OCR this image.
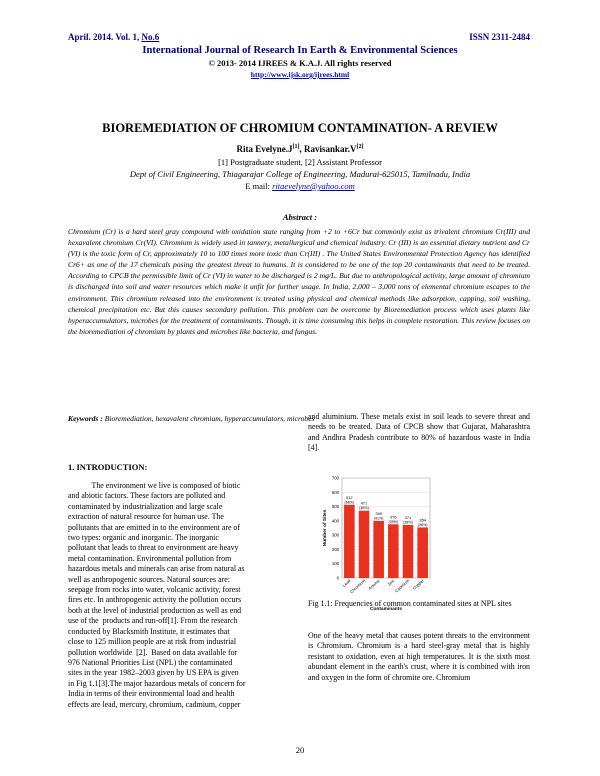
April. 2014. Vol. 1, No.6	ISSN 2311-2484
International Journal of Research In Earth & Environmental Sciences
© 2013- 2014 IJREES & K.A.J. All rights reserved
http://www.ijsk.org/ijrees.html
BIOREMEDIATION OF CHROMIUM CONTAMINATION- A REVIEW
Rita Evelyne.J[1], Ravisankar.V[2]
[1] Postgraduate student, [2] Assistant Professor
Dept of Civil Engineering, Thiagarajar College of Engineering, Madurai-625015, Tamilnadu, India
E mail: ritaevelyne@yahoo.com
Abstract :

Chromium (Cr) is a hard steel gray compound with oxidation state ranging from +2 to +6Cr but commonly exist as trivalent chromium Cr(III) and hexavalent chromium Cr(VI). Chromium is widely used in tannery, metallurgical and chemical industry. Cr (III) is an essential dietary nutrient and Cr (VI) is the toxic form of Cr, approximately 10 to 100 times more toxic than Cr(III) . The United States Environmental Protection Agency has identified Cr6+ as one of the 17 chemicals posing the greatest threat to humans. It is considered to be one of the top 20 contaminants that need to be treated. According to CPCB the permissible limit of Cr (VI) in water to be discharged is 2 mg/L. But due to anthropological activity, large amount of chromium is discharged into soil and water resources which make it unfit for further usage. In India, 2,000 – 3,000 tons of elemental chromium escapes to the environment. This chromium released into the environment is treated using physical and chemical methods like adsorption, capping, soil washing, chemical precipitation etc. But this causes secondary pollution. This problem can be overcome by Bioremediation process which uses plants like hyperaccumulators, microbes for the treatment of contaminants. Though, it is time consuming this helps in complete restoration. This review focuses on the bioremediation of chromium by plants and microbes like bacteria, and fungus.

Keywords : Bioremediation, hexavalent chromium, hyperaccumulators, microbes

1. INTRODUCTION:
The environment we live is composed of biotic
and abiotic factors. These factors are polluted and
contaminated by industrialization and large scale
extraction of natural resource for human use. The
pollutants that are emitted in to the environment are of
two types: organic and inorganic. The inorganic
pollutant that leads to threat to environment are heavy
metal contamination. Environmental pollution from
hazardous metals and minerals can arise from natural as
well as anthropogenic sources. Natural sources are:
seepage from rocks into water, volcanic activity, forest
fires etc. In anthropogenic activity the pollution occurs
both at the level of industrial production as well as end
use of the  products and run-off[1]. From the research
conducted by Blacksmith Institute, it estimates that
close to 125 million people are at risk from industrial
pollution worldwide  [2].  Based on data available for
976 National Priorities List (NPL) the contaminated
sites in the year 1982–2003 given by US EPA is given
in Fig 1.1[3].The major hazardous metals of concern for
India in terms of their environmental load and health
effects are lead, mercury, chromium, cadmium, copper

and aluminium. These metals exist in soil leads to severe threat and needs to be treated. Data of CPCB show that Gujarat, Maharashtra and Andhra Pradesh contribute to 80% of hazardous waste in India [4].

0
100
200
300
400
500
600
700
Number of Sites
512
(66%)
Lead
471
(48%)
Chromium
399
(41%)
Arsenic
376
(39%)
Zinc
371
(38%)
Cadmium
354
(36%)
Copper
Contaminants

Fig 1.1: Frequencies of common contaminated sites at NPL sites

One of the heavy metal that causes potent threats to the environment is Chromium. Chromium is a hard steel-gray metal that is highly resistant to oxidation, even at high temperatures. It is the sixth most abundant element in the earth's crust, where it is combined with iron and oxygen in the form of chromite ore. Chromium

20
